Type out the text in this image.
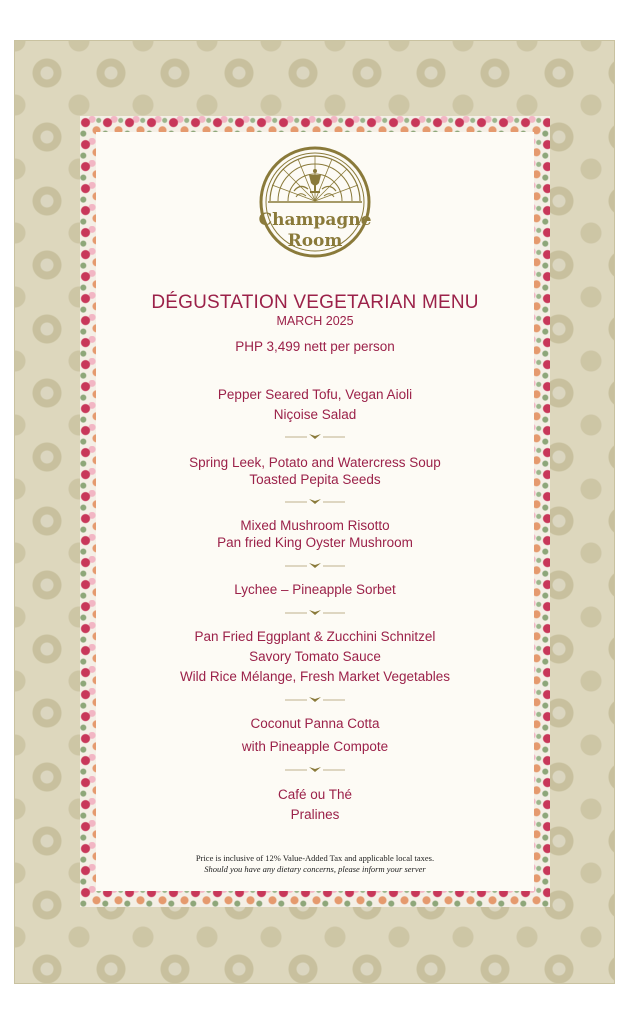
Champagne
Room
DÉGUSTATION VEGETARIAN MENU
MARCH 2025
PHP 3,499 nett per person
Pepper Seared Tofu, Vegan Aioli
Niçoise Salad
Spring Leek, Potato and Watercress Soup
Toasted Pepita Seeds
Mixed Mushroom Risotto
Pan fried King Oyster Mushroom
Lychee – Pineapple Sorbet
Pan Fried Eggplant & Zucchini Schnitzel
Savory Tomato Sauce
Wild Rice Mélange, Fresh Market Vegetables
Coconut Panna Cotta
with Pineapple Compote
Café ou Thé
Pralines
Price is inclusive of 12% Value-Added Tax and applicable local taxes.
Should you have any dietary concerns, please inform your server
